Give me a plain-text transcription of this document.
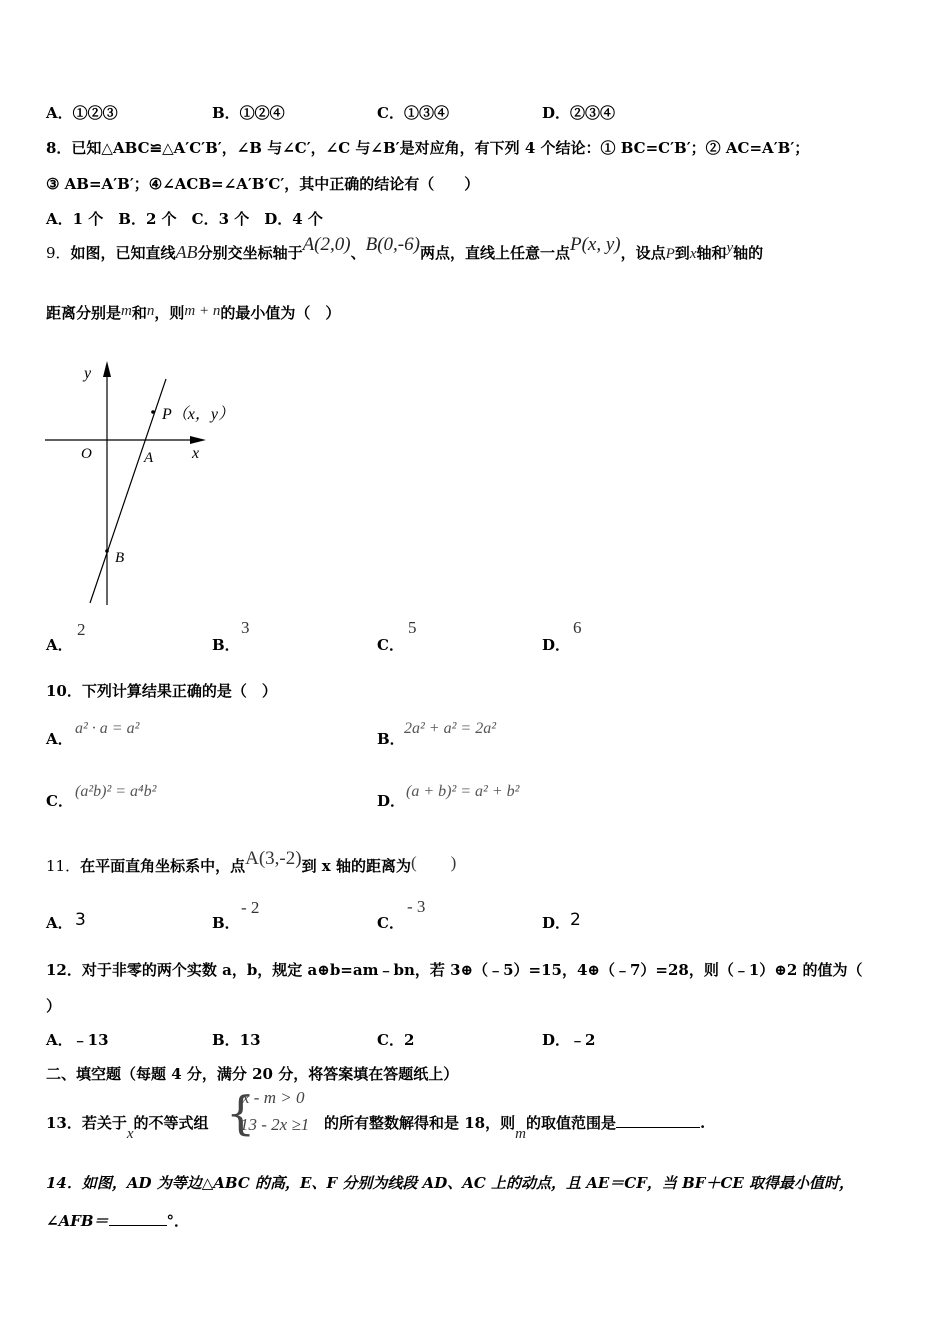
A．①②③	B．①②④	C．①③④	D．②③④
8．已知△ABC≌△A′C′B′，∠B 与∠C′，∠C 与∠B′是对应角，有下列 4 个结论：① BC=C′B′；② AC=A′B′；
③ AB=A′B′；④∠ACB=∠A′B′C′，其中正确的结论有（　　）
A．1 个　B．2 个　C．3 个　D．4 个
9．如图，已知直线AB分别交坐标轴于A(2,0)、B(0,-6)两点，直线上任意一点P(x, y)，设点P到x轴和y轴的
距离分别是m和n，则m + n的最小值为（　）
y
x
O	A
B
P（x，y）
A．
2
B．
3
C．
5
D．
6
10．下列计算结果正确的是（　）
A．
a² · a = a²
B．
2a² + a² = 2a²
C．
(a²b)² = a⁴b²
D．
(a + b)² = a² + b²
11．在平面直角坐标系中，点A(3,-2)到 x 轴的距离为(　　)
A． 3	B．
- 2
C．
- 3
D． 2
12．对于非零的两个实数 a，b，规定 a⊕b=am﹣bn，若 3⊕（﹣5）=15，4⊕（﹣7）=28，则（﹣1）⊕2 的值为（
）
A．﹣13	B．13	C．2	D．﹣2
二、填空题（每题 4 分，满分 20 分，将答案填在答题纸上）
13．若关于x的不等式组 {
x - m > 0
13 - 2x ≥1 的所有整数解得和是 18，则m的取值范围是	.
14．如图，AD 为等边△ABC 的高，E、F 分别为线段 AD、AC 上的动点，且 AE＝CF，当 BF＋CE 取得最小值时，
∠AFB＝	°．
